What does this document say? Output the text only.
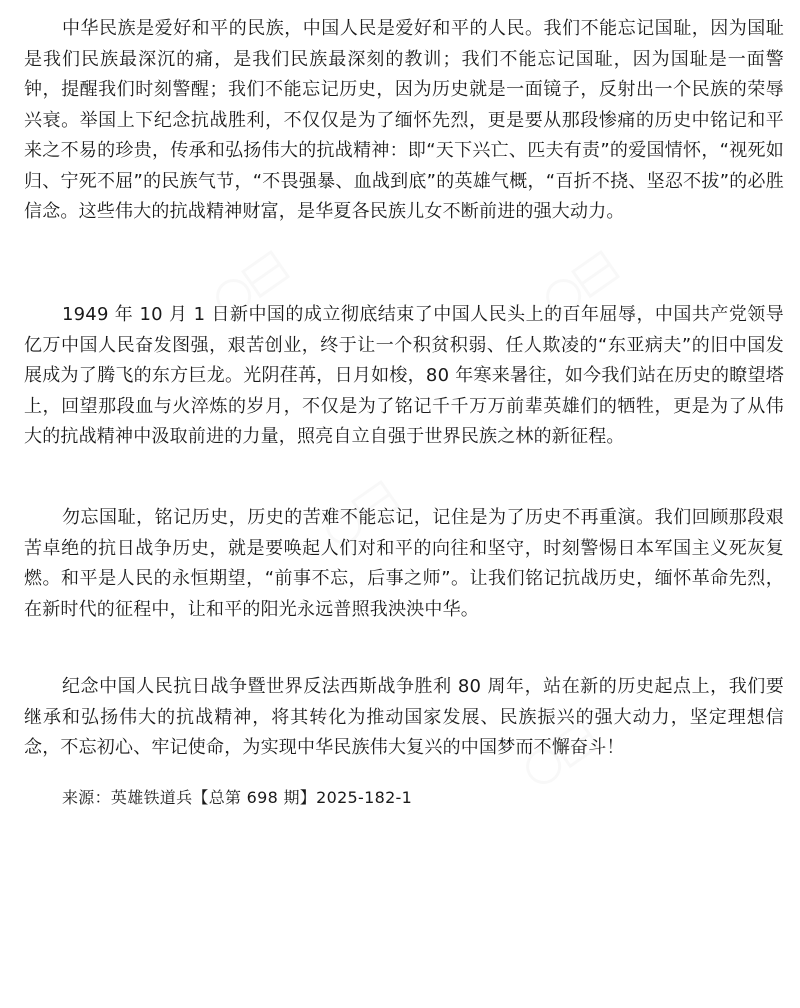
中华民族是爱好和平的民族，中国人民是爱好和平的人民。我们不能忘记国耻，因为国耻是我们民族最深沉的痛，是我们民族最深刻的教训；我们不能忘记国耻，因为国耻是一面警钟，提醒我们时刻警醒；我们不能忘记历史，因为历史就是一面镜子，反射出一个民族的荣辱兴衰。举国上下纪念抗战胜利，不仅仅是为了缅怀先烈，更是要从那段惨痛的历史中铭记和平来之不易的珍贵，传承和弘扬伟大的抗战精神：即“天下兴亡、匹夫有责”的爱国情怀，“视死如归、宁死不屈”的民族气节，“不畏强暴、血战到底”的英雄气概，“百折不挠、坚忍不拔”的必胜信念。这些伟大的抗战精神财富，是华夏各民族儿女不断前进的强大动力。

1949 年 10 月 1 日新中国的成立彻底结束了中国人民头上的百年屈辱，中国共产党领导亿万中国人民奋发图强，艰苦创业，终于让一个积贫积弱、任人欺凌的“东亚病夫”的旧中国发展成为了腾飞的东方巨龙。光阴荏苒，日月如梭，80 年寒来暑往，如今我们站在历史的瞭望塔上，回望那段血与火淬炼的岁月，不仅是为了铭记千千万万前辈英雄们的牺牲，更是为了从伟大的抗战精神中汲取前进的力量，照亮自立自强于世界民族之林的新征程。

勿忘国耻，铭记历史，历史的苦难不能忘记，记住是为了历史不再重演。我们回顾那段艰苦卓绝的抗日战争历史，就是要唤起人们对和平的向往和坚守，时刻警惕日本军国主义死灰复燃。和平是人民的永恒期望，“前事不忘，后事之师”。让我们铭记抗战历史，缅怀革命先烈，在新时代的征程中，让和平的阳光永远普照我泱泱中华。

纪念中国人民抗日战争暨世界反法西斯战争胜利 80 周年，站在新的历史起点上，我们要继承和弘扬伟大的抗战精神，将其转化为推动国家发展、民族振兴的强大动力，坚定理想信念，不忘初心、牢记使命，为实现中华民族伟大复兴的中国梦而不懈奋斗！

来源：英雄铁道兵【总第 698 期】2025-182-1
